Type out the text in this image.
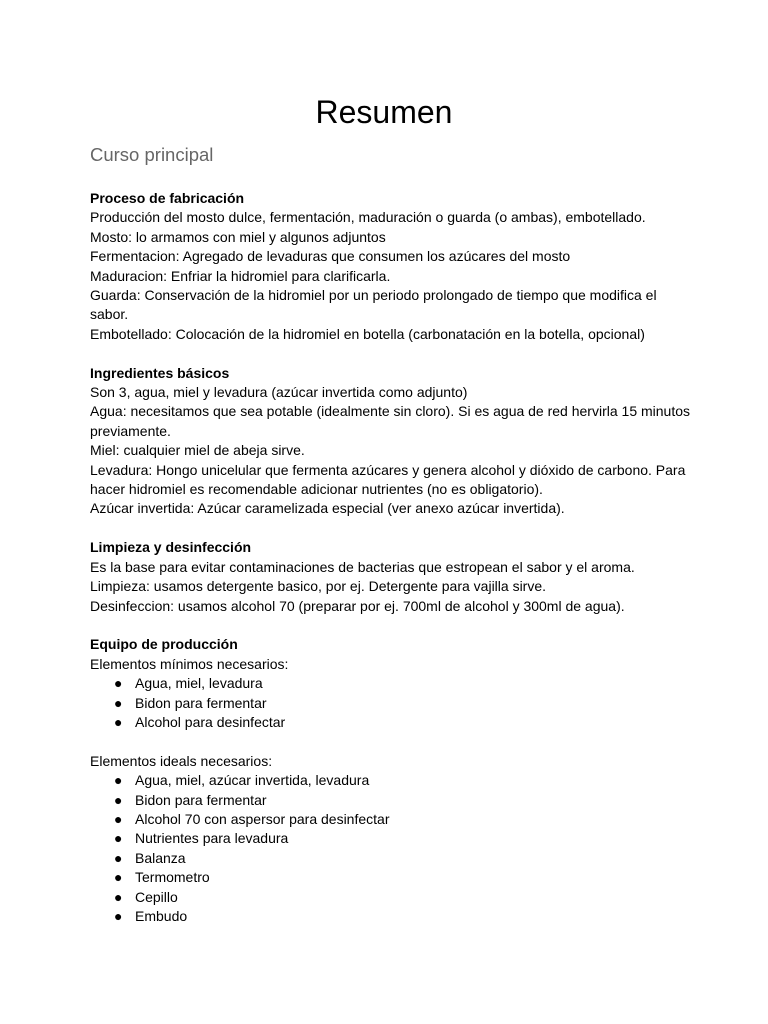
Resumen
Curso principal

Proceso de fabricación

Producción del mosto dulce, fermentación, maduración o guarda (o ambas), embotellado.

Mosto: lo armamos con miel y algunos adjuntos

Fermentacion: Agregado de levaduras que consumen los azúcares del mosto

Maduracion: Enfriar la hidromiel para clarificarla.

Guarda: Conservación de la hidromiel por un periodo prolongado de tiempo que modifica el sabor.

Embotellado: Colocación de la hidromiel en botella (carbonatación en la botella, opcional)

Ingredientes básicos

Son 3, agua, miel y levadura (azúcar invertida como adjunto)

Agua: necesitamos que sea potable (idealmente sin cloro). Si es agua de red hervirla 15 minutos previamente.

Miel: cualquier miel de abeja sirve.

Levadura: Hongo unicelular que fermenta azúcares y genera alcohol y dióxido de carbono. Para hacer hidromiel es recomendable adicionar nutrientes (no es obligatorio).

Azúcar invertida: Azúcar caramelizada especial (ver anexo azúcar invertida).

Limpieza y desinfección

Es la base para evitar contaminaciones de bacterias que estropean el sabor y el aroma.

Limpieza: usamos detergente basico, por ej. Detergente para vajilla sirve.

Desinfeccion: usamos alcohol 70 (preparar por ej. 700ml de alcohol y 300ml de agua).

Equipo de producción

Elementos mínimos necesarios:

● Agua, miel, levadura
● Bidon para fermentar
● Alcohol para desinfectar

Elementos ideals necesarios:

● Agua, miel, azúcar invertida, levadura
● Bidon para fermentar
● Alcohol 70 con aspersor para desinfectar
● Nutrientes para levadura
● Balanza
● Termometro
● Cepillo
● Embudo
